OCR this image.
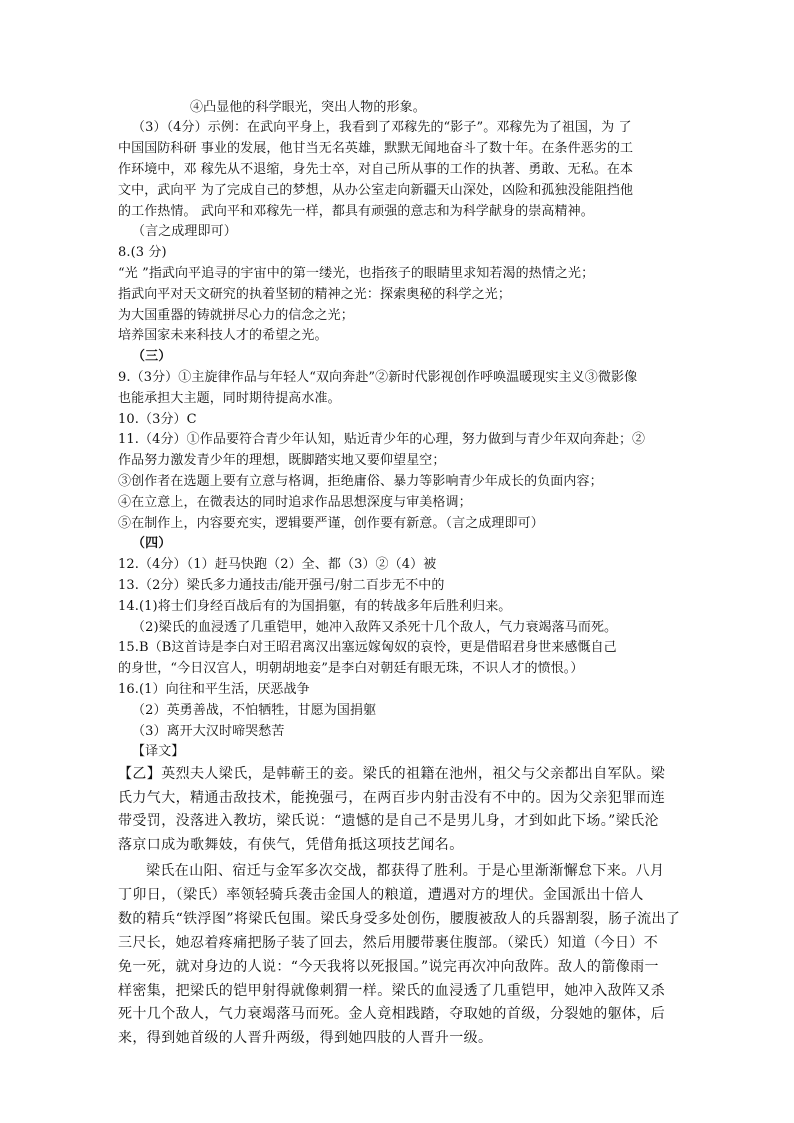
④凸显他的科学眼光，突出人物的形象。
（3）（4分）示例：在武向平身上，我看到了邓稼先的“影子”。邓稼先为了祖国，为 了
中国国防科研 事业的发展，他甘当无名英雄，默默无闻地奋斗了数十年。在条件恶劣的工
作环境中，邓 稼先从不退缩，身先士卒，对自己所从事的工作的执著、勇敢、无私。在本
文中，武向平 为了完成自己的梦想，从办公室走向新疆天山深处，凶险和孤独没能阻挡他
的工作热情。 武向平和邓稼先一样，都具有顽强的意志和为科学献身的崇高精神。
（言之成理即可）
8.(3 分)
“光 ”指武向平追寻的宇宙中的第一缕光，也指孩子的眼睛里求知若渴的热情之光；
指武向平对天文研究的执着坚韧的精神之光：探索奥秘的科学之光；
为大国重器的铸就拼尽心力的信念之光；
培养国家未来科技人才的希望之光。
（三）
9.（3分）①主旋律作品与年轻人“双向奔赴”②新时代影视创作呼唤温暖现实主义③微影像
也能承担大主题，同时期待提高水准。
10.（3分）C
11.（4分）①作品要符合青少年认知，贴近青少年的心理，努力做到与青少年双向奔赴；②
作品努力激发青少年的理想，既脚踏实地又要仰望星空；
③创作者在选题上要有立意与格调，拒绝庸俗、暴力等影响青少年成长的负面内容；
④在立意上，在微表达的同时追求作品思想深度与审美格调；
⑤在制作上，内容要充实，逻辑要严谨，创作要有新意。（言之成理即可）
（四）
12.（4分）（1）赶马快跑（2）全、都（3）②（4）被
13.（2分）梁氏多力通技击/能开强弓/射二百步无不中的
14.(1)将士们身经百战后有的为国捐躯，有的转战多年后胜利归来。
（2)梁氏的血浸透了几重铠甲，她冲入敌阵又杀死十几个敌人，气力衰竭落马而死。
15.B（B这首诗是李白对王昭君离汉出塞远嫁匈奴的哀怜，更是借昭君身世来感慨自己
的身世，“今日汉宫人，明朝胡地妾”是李白对朝廷有眼无珠，不识人才的愤恨。）
16.(1）向往和平生活，厌恶战争
（2）英勇善战，不怕牺牲，甘愿为国捐躯
（3）离开大汉时啼哭愁苦
【译文】
【乙】英烈夫人梁氏，是韩蕲王的妾。梁氏的祖籍在池州，祖父与父亲都出自军队。梁
氏力气大，精通击敌技术，能挽强弓，在两百步内射击没有不中的。因为父亲犯罪而连
带受罚，没落进入教坊，梁氏说：“遗憾的是自己不是男儿身，才到如此下场。”梁氏沦
落京口成为歌舞妓，有侠气，凭借角抵这项技艺闻名。
梁氏在山阳、宿迁与金军多次交战，都获得了胜利。于是心里渐渐懈怠下来。八月
丁卯日，（梁氏）率领轻骑兵袭击金国人的粮道，遭遇对方的埋伏。金国派出十倍人
数的精兵“铁浮图”将梁氏包围。梁氏身受多处创伤，腰腹被敌人的兵器割裂，肠子流出了
三尺长，她忍着疼痛把肠子装了回去，然后用腰带裹住腹部。（梁氏）知道（今日）不
免一死，就对身边的人说：“今天我将以死报国。”说完再次冲向敌阵。敌人的箭像雨一
样密集，把梁氏的铠甲射得就像刺猬一样。梁氏的血浸透了几重铠甲，她冲入敌阵又杀
死十几个敌人，气力衰竭落马而死。金人竟相践踏，夺取她的首级，分裂她的躯体，后
来，得到她首级的人晋升两级，得到她四肢的人晋升一级。
